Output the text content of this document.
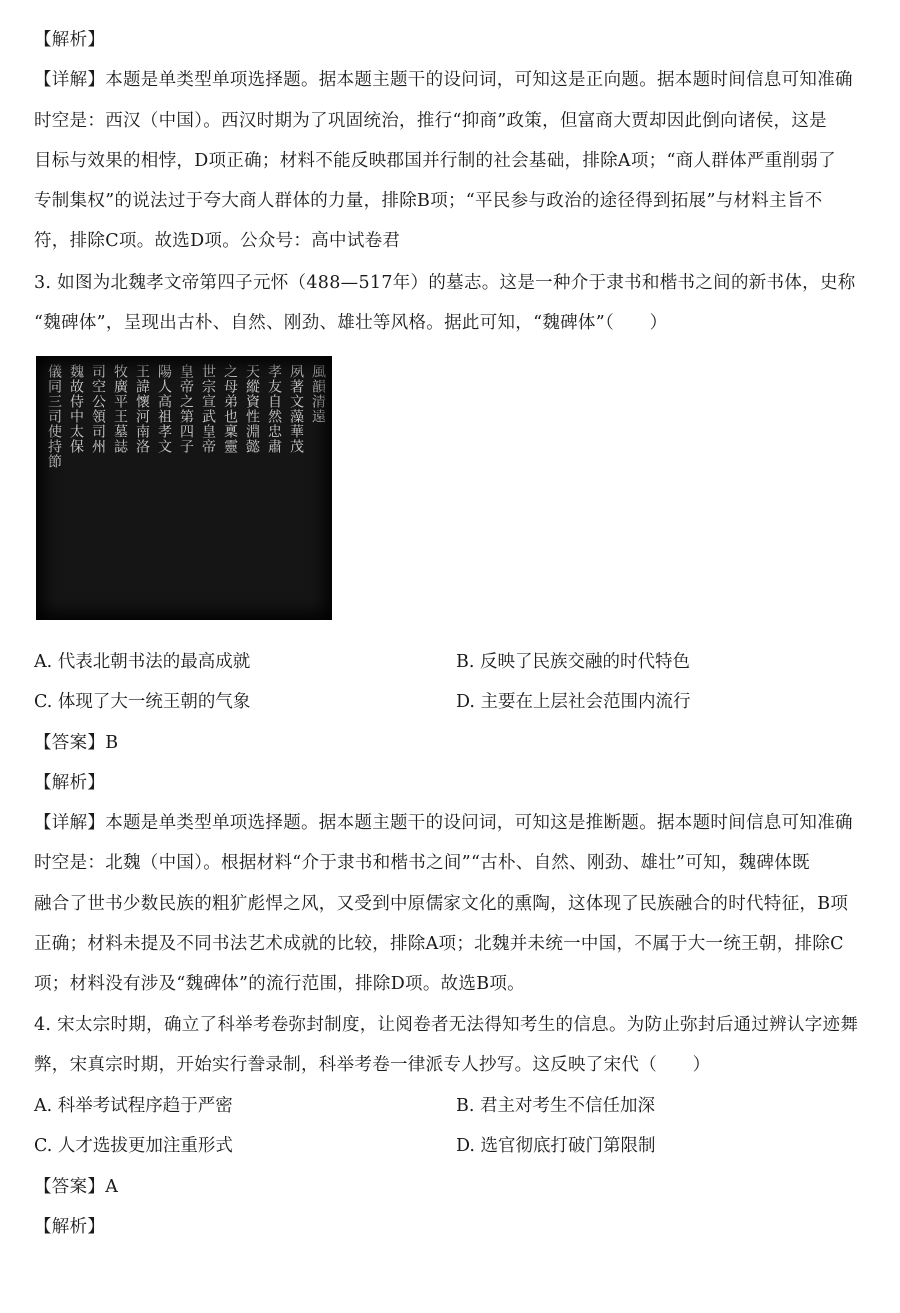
【解析】
【详解】本题是单类型单项选择题。据本题主题干的设问词，可知这是正向题。据本题时间信息可知准确
时空是：西汉（中国）。西汉时期为了巩固统治，推行“抑商”政策，但富商大贾却因此倒向诸侯，这是
目标与效果的相悖，D项正确；材料不能反映郡国并行制的社会基础，排除A项；“商人群体严重削弱了
专制集权”的说法过于夸大商人群体的力量，排除B项；“平民参与政治的途径得到拓展”与材料主旨不
符，排除C项。故选D项。公众号：高中试卷君
3. 如图为北魏孝文帝第四子元怀（488—517年）的墓志。这是一种介于隶书和楷书之间的新书体，史称
“魏碑体”，呈现出古朴、自然、刚劲、雄壮等风格。据此可知，“魏碑体”（　　）
儀同三司使持節 魏故侍中太保 司空公領司州 牧廣平王墓誌 王諱懷河南洛 陽人高祖孝文 皇帝之第四子 世宗宣武皇帝 之母弟也稟靈 天縱資性淵懿 孝友自然忠肅 夙著文藻華茂 風韻清遠
A. 代表北朝书法的最高成就	B. 反映了民族交融的时代特色
C. 体现了大一统王朝的气象	D. 主要在上层社会范围内流行
【答案】B
【解析】
【详解】本题是单类型单项选择题。据本题主题干的设问词，可知这是推断题。据本题时间信息可知准确
时空是：北魏（中国）。根据材料“介于隶书和楷书之间”“古朴、自然、刚劲、雄壮”可知，魏碑体既
融合了世书少数民族的粗犷彪悍之风，又受到中原儒家文化的熏陶，这体现了民族融合的时代特征，B项
正确；材料未提及不同书法艺术成就的比较，排除A项；北魏并未统一中国，不属于大一统王朝，排除C
项；材料没有涉及“魏碑体”的流行范围，排除D项。故选B项。
4. 宋太宗时期，确立了科举考卷弥封制度，让阅卷者无法得知考生的信息。为防止弥封后通过辨认字迹舞
弊，宋真宗时期，开始实行誊录制，科举考卷一律派专人抄写。这反映了宋代（　　）
A. 科举考试程序趋于严密	B. 君主对考生不信任加深
C. 人才选拔更加注重形式	D. 选官彻底打破门第限制
【答案】A
【解析】
